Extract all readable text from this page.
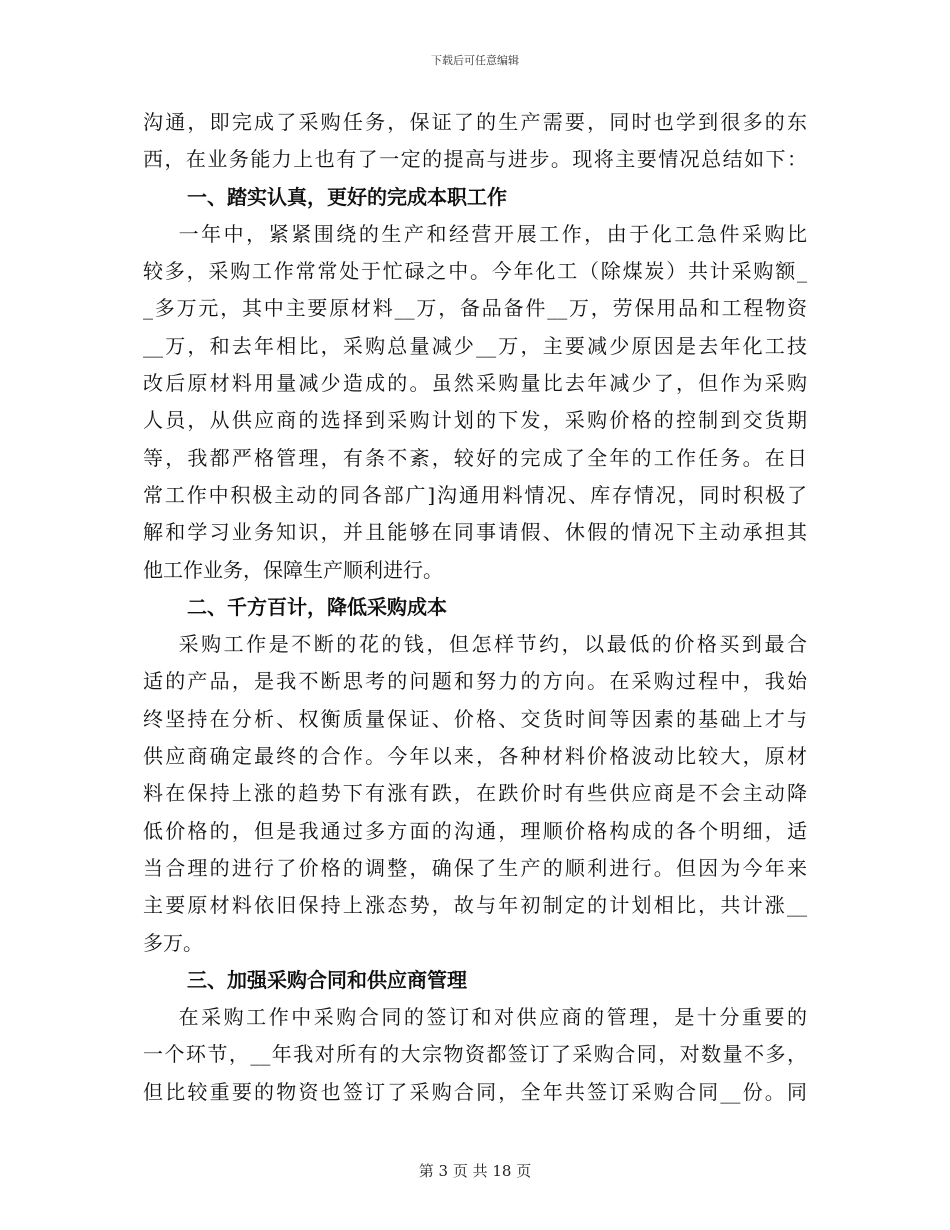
下载后可任意编辑
沟通，即完成了采购任务，保证了的生产需要，同时也学到很多的东
西，在业务能力上也有了一定的提高与进步。现将主要情况总结如下：
一、踏实认真，更好的完成本职工作
一年中，紧紧围绕的生产和经营开展工作，由于化工急件采购比
较多，采购工作常常处于忙碌之中。今年化工（除煤炭）共计采购额_
_多万元，其中主要原材料__万，备品备件__万，劳保用品和工程物资
__万，和去年相比，采购总量减少__万，主要减少原因是去年化工技
改后原材料用量减少造成的。虽然采购量比去年减少了，但作为采购
人员，从供应商的选择到采购计划的下发，采购价格的控制到交货期
等，我都严格管理，有条不紊，较好的完成了全年的工作任务。在日
常工作中积极主动的同各部广]沟通用料情况、库存情况，同时积极了
解和学习业务知识，并且能够在同事请假、休假的情况下主动承担其
他工作业务，保障生产顺利进行。
二、千方百计，降低采购成本
采购工作是不断的花的钱，但怎样节约，以最低的价格买到最合
适的产品，是我不断思考的问题和努力的方向。在采购过程中，我始
终坚持在分析、权衡质量保证、价格、交货时间等因素的基础上才与
供应商确定最终的合作。今年以来，各种材料价格波动比较大，原材
料在保持上涨的趋势下有涨有跌，在跌价时有些供应商是不会主动降
低价格的，但是我通过多方面的沟通，理顺价格构成的各个明细，适
当合理的进行了价格的调整，确保了生产的顺利进行。但因为今年来
主要原材料依旧保持上涨态势，故与年初制定的计划相比，共计涨__
多万。
三、加强采购合同和供应商管理
在采购工作中采购合同的签订和对供应商的管理，是十分重要的
一个环节，__年我对所有的大宗物资都签订了采购合同，对数量不多，
但比较重要的物资也签订了采购合同，全年共签订采购合同__份。同
第 3 页 共 18 页
